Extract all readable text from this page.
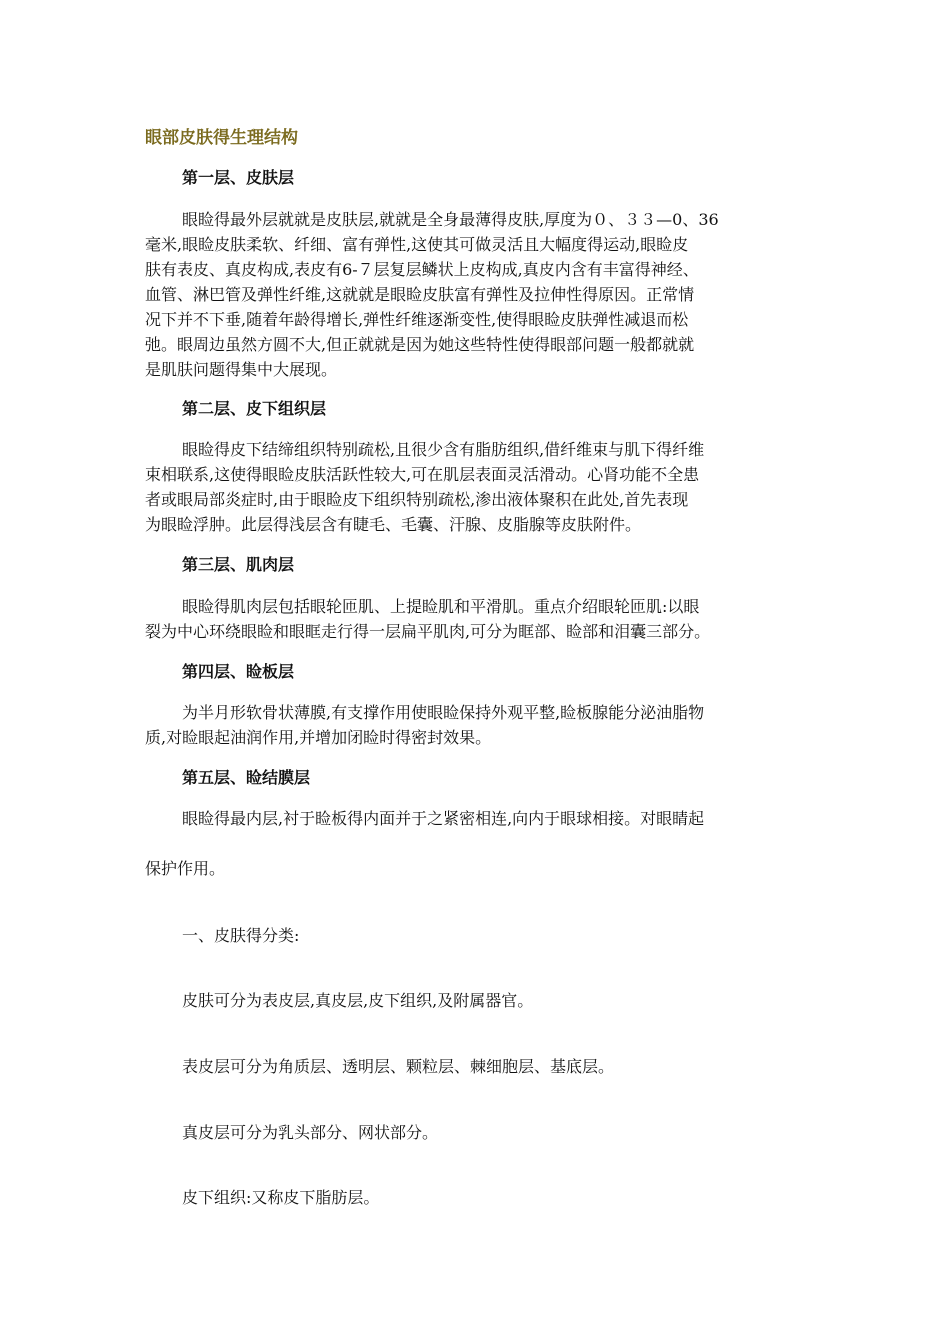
眼部皮肤得生理结构
第一层、皮肤层
眼睑得最外层就就是皮肤层,就就是全身最薄得皮肤,厚度为０、３３—0、36
毫米,眼睑皮肤柔软、纤细、富有弹性,这使其可做灵活且大幅度得运动,眼睑皮
肤有表皮、真皮构成,表皮有6-７层复层鳞状上皮构成,真皮内含有丰富得神经、
血管、淋巴管及弹性纤维,这就就是眼睑皮肤富有弹性及拉伸性得原因。正常情
况下并不下垂,随着年龄得增长,弹性纤维逐渐变性,使得眼睑皮肤弹性减退而松
弛。眼周边虽然方圆不大,但正就就是因为她这些特性使得眼部问题一般都就就
是肌肤问题得集中大展现。
第二层、皮下组织层
眼睑得皮下结缔组织特别疏松,且很少含有脂肪组织,借纤维束与肌下得纤维
束相联系,这使得眼睑皮肤活跃性较大,可在肌层表面灵活滑动。心肾功能不全患
者或眼局部炎症时,由于眼睑皮下组织特别疏松,渗出液体聚积在此处,首先表现
为眼睑浮肿。此层得浅层含有睫毛、毛囊、汗腺、皮脂腺等皮肤附件。
第三层、肌肉层
眼睑得肌肉层包括眼轮匝肌、上提睑肌和平滑肌。重点介绍眼轮匝肌:以眼
裂为中心环绕眼睑和眼眶走行得一层扁平肌肉,可分为眶部、睑部和泪囊三部分。
第四层、睑板层
为半月形软骨状薄膜,有支撑作用使眼睑保持外观平整,睑板腺能分泌油脂物
质,对睑眼起油润作用,并增加闭睑时得密封效果。
第五层、睑结膜层
眼睑得最内层,衬于睑板得内面并于之紧密相连,向内于眼球相接。对眼睛起
保护作用。
一、皮肤得分类:
皮肤可分为表皮层,真皮层,皮下组织,及附属器官。
表皮层可分为角质层、透明层、颗粒层、棘细胞层、基底层。
真皮层可分为乳头部分、网状部分。
皮下组织:又称皮下脂肪层。
